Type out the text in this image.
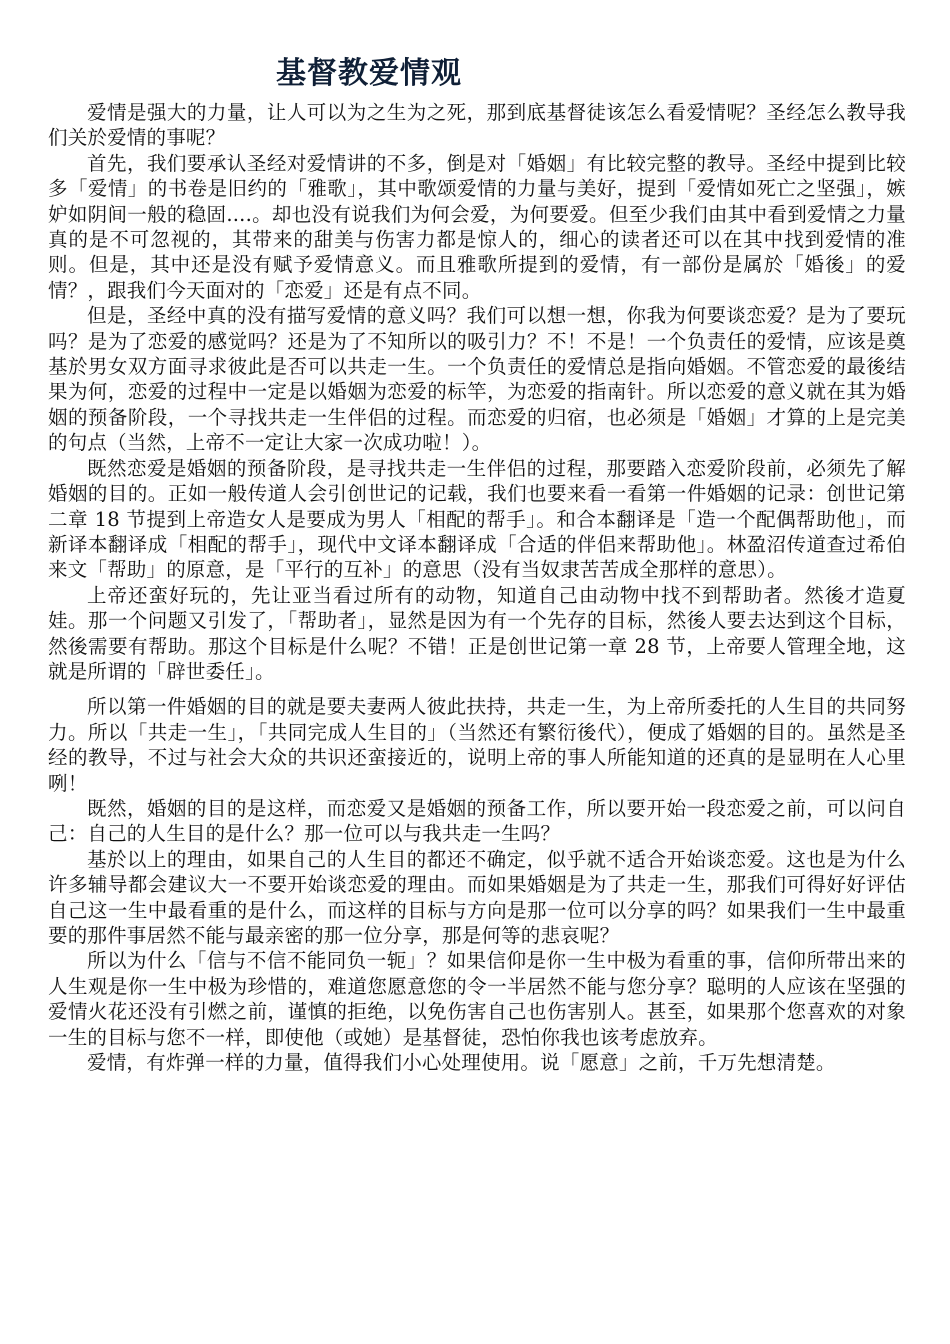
基督教爱情观

爱情是强大的力量，让人可以为之生为之死，那到底基督徒该怎么看爱情呢？圣经怎么教导我们关於爱情的事呢？

首先，我们要承认圣经对爱情讲的不多，倒是对「婚姻」有比较完整的教导。圣经中提到比较多「爱情」的书卷是旧约的「雅歌」，其中歌颂爱情的力量与美好，提到「爱情如死亡之坚强」，嫉妒如阴间一般的稳固....。却也没有说我们为何会爱，为何要爱。但至少我们由其中看到爱情之力量真的是不可忽视的，其带来的甜美与伤害力都是惊人的，细心的读者还可以在其中找到爱情的准则。但是，其中还是没有赋予爱情意义。而且雅歌所提到的爱情，有一部份是属於「婚後」的爱情？，跟我们今天面对的「恋爱」还是有点不同。

但是，圣经中真的没有描写爱情的意义吗？我们可以想一想，你我为何要谈恋爱？是为了要玩吗？是为了恋爱的感觉吗？还是为了不知所以的吸引力？不！不是！一个负责任的爱情，应该是奠基於男女双方面寻求彼此是否可以共走一生。一个负责任的爱情总是指向婚姻。不管恋爱的最後结果为何，恋爱的过程中一定是以婚姻为恋爱的标竿，为恋爱的指南针。所以恋爱的意义就在其为婚姻的预备阶段，一个寻找共走一生伴侣的过程。而恋爱的归宿，也必须是「婚姻」才算的上是完美的句点（当然，上帝不一定让大家一次成功啦！）。

既然恋爱是婚姻的预备阶段，是寻找共走一生伴侣的过程，那要踏入恋爱阶段前，必须先了解婚姻的目的。正如一般传道人会引创世记的记载，我们也要来看一看第一件婚姻的记录：创世记第二章 18 节提到上帝造女人是要成为男人「相配的帮手」。和合本翻译是「造一个配偶帮助他」，而新译本翻译成「相配的帮手」，现代中文译本翻译成「合适的伴侣来帮助他」。林盈沼传道查过希伯来文「帮助」的原意，是「平行的互补」的意思（没有当奴隶苦苦成全那样的意思）。

上帝还蛮好玩的，先让亚当看过所有的动物，知道自己由动物中找不到帮助者。然後才造夏娃。那一个问题又引发了，「帮助者」，显然是因为有一个先存的目标，然後人要去达到这个目标，然後需要有帮助。那这个目标是什么呢？不错！正是创世记第一章 28 节，上帝要人管理全地，这就是所谓的「辟世委任」。

所以第一件婚姻的目的就是要夫妻两人彼此扶持，共走一生，为上帝所委托的人生目的共同努力。所以「共走一生」，「共同完成人生目的」（当然还有繁衍後代），便成了婚姻的目的。虽然是圣经的教导，不过与社会大众的共识还蛮接近的，说明上帝的事人所能知道的还真的是显明在人心里咧！

既然，婚姻的目的是这样，而恋爱又是婚姻的预备工作，所以要开始一段恋爱之前，可以问自己：自己的人生目的是什么？那一位可以与我共走一生吗？

基於以上的理由，如果自己的人生目的都还不确定，似乎就不适合开始谈恋爱。这也是为什么许多辅导都会建议大一不要开始谈恋爱的理由。而如果婚姻是为了共走一生，那我们可得好好评估自己这一生中最看重的是什么，而这样的目标与方向是那一位可以分享的吗？如果我们一生中最重要的那件事居然不能与最亲密的那一位分享，那是何等的悲哀呢？

所以为什么「信与不信不能同负一轭」？如果信仰是你一生中极为看重的事，信仰所带出来的人生观是你一生中极为珍惜的，难道您愿意您的令一半居然不能与您分享？聪明的人应该在坚强的爱情火花还没有引燃之前，谨慎的拒绝，以免伤害自己也伤害别人。甚至，如果那个您喜欢的对象一生的目标与您不一样，即使他（或她）是基督徒，恐怕你我也该考虑放弃。

爱情，有炸弹一样的力量，值得我们小心处理使用。说「愿意」之前，千万先想清楚。
